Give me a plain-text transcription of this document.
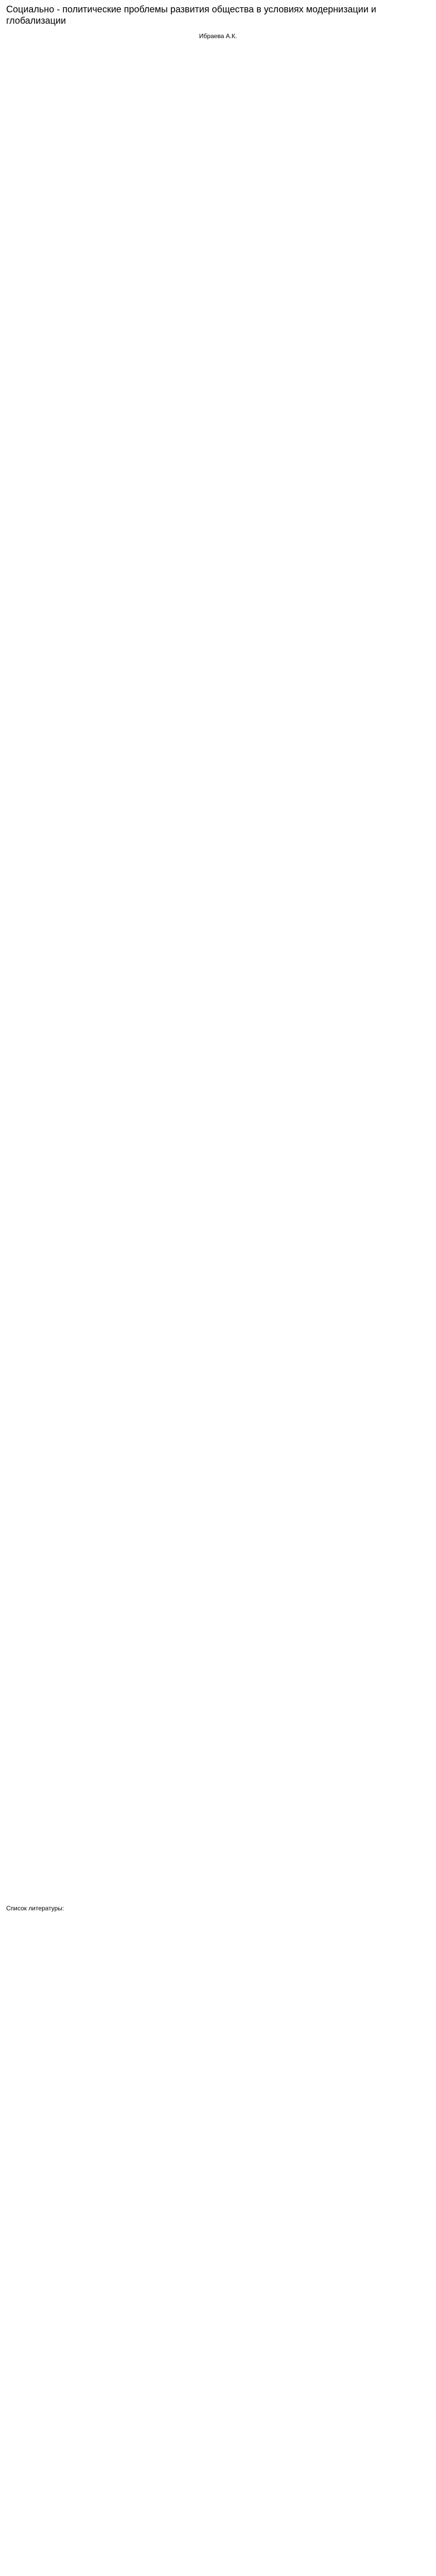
Социально - политические проблемы развития общества в условиях модернизации и глобализации

Ибраева А.К.

Список литературы:
